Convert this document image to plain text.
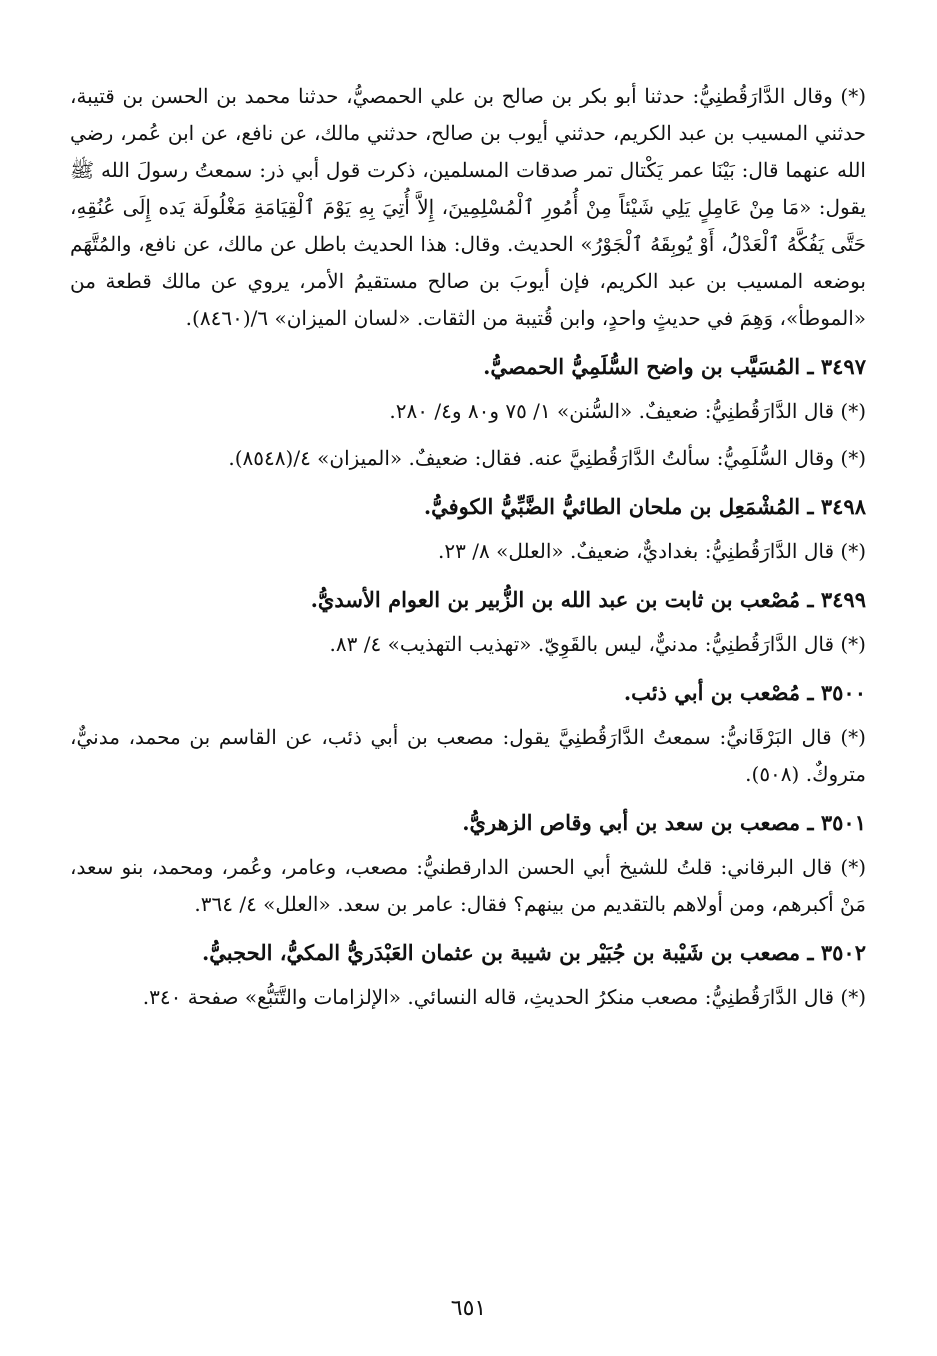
(*) وقال الدَّارَقُطنِيُّ: حدثنا أبو بكر بن صالح بن علي الحمصيُّ، حدثنا محمد بن الحسن بن قتيبة، حدثني المسيب بن عبد الكريم، حدثني أيوب بن صالح، حدثني مالك، عن نافع، عن ابن عُمر، رضي الله عنهما قال: بَيْنَا عمر يَكْتال تمر صدقات المسلمين، ذكرت قول أبي ذر: سمعتُ رسولَ الله ﷺ يقول: «مَا مِنْ عَامِلٍ يَلِي شَيْئاً مِنْ أُمُورِ ٱلْمُسْلِمِينَ، إِلاَّ أُتِيَ بِهِ يَوْمَ ٱلْقِيَامَةِ مَغْلُولَة يَده إِلَى عُنُقِهِ، حَتَّى يَفُكَّهُ ٱلْعَدْلُ، أَوْ يُوبِقَهُ ٱلْجَوْرُ» الحديث. وقال: هذا الحديث باطل عن مالك، عن نافع، والمُتَّهَم بوضعه المسيب بن عبد الكريم، فإن أيوبَ بن صالح مستقيمُ الأمر، يروي عن مالك قطعة من «الموطأ»، وَهِمَ في حديثٍ واحدٍ، وابن قُتيبة من الثقات. «لسان الميزان» ٦/(٨٤٦٠).

٣٤٩٧ ـ المُسَيَّب بن واضح السُّلَمِيُّ الحمصيُّ.

(*) قال الدَّارَقُطنِيُّ: ضعيفٌ. «السُّنن» ١/ ٧٥ و٨٠ و٤/ ٢٨٠.

(*) وقال السُّلَمِيُّ: سألتُ الدَّارَقُطنِيَّ عنه. فقال: ضعيفٌ. «الميزان» ٤/(٨٥٤٨).

٣٤٩٨ ـ المُشْمَعِل بن ملحان الطائيُّ الضَّبِّيُّ الكوفيُّ.

(*) قال الدَّارَقُطنِيُّ: بغداديٌّ، ضعيفٌ. «العلل» ٨/ ٢٣.

٣٤٩٩ ـ مُصْعب بن ثابت بن عبد الله بن الزُّبير بن العوام الأسديُّ.

(*) قال الدَّارَقُطنِيُّ: مدنيٌّ، ليس بالقَوِيّ. «تهذيب التهذيب» ٤/ ٨٣.

٣٥٠٠ ـ مُصْعب بن أبي ذئب.

(*) قال البَرْقَانيُّ: سمعتُ الدَّارَقُطنِيَّ يقول: مصعب بن أبي ذئب، عن القاسم بن محمد، مدنيٌّ، متروكٌ. (٥٠٨).

٣٥٠١ ـ مصعب بن سعد بن أبي وقاص الزهريُّ.

(*) قال البرقاني: قلتُ للشيخ أبي الحسن الدارقطنيُّ: مصعب، وعامر، وعُمر، ومحمد، بنو سعد، مَنْ أكبرهم، ومن أولاهم بالتقديم من بينهم؟ فقال: عامر بن سعد. «العلل» ٤/ ٣٦٤.

٣٥٠٢ ـ مصعب بن شَيْبة بن جُبَيْر بن شيبة بن عثمان العَبْدَريُّ المكيُّ، الحجبيُّ.

(*) قال الدَّارَقُطنِيُّ: مصعب منكرُ الحديثِ، قاله النسائي. «الإلزامات والتَّتَبُّع» صفحة ٣٤٠.

٦٥١
